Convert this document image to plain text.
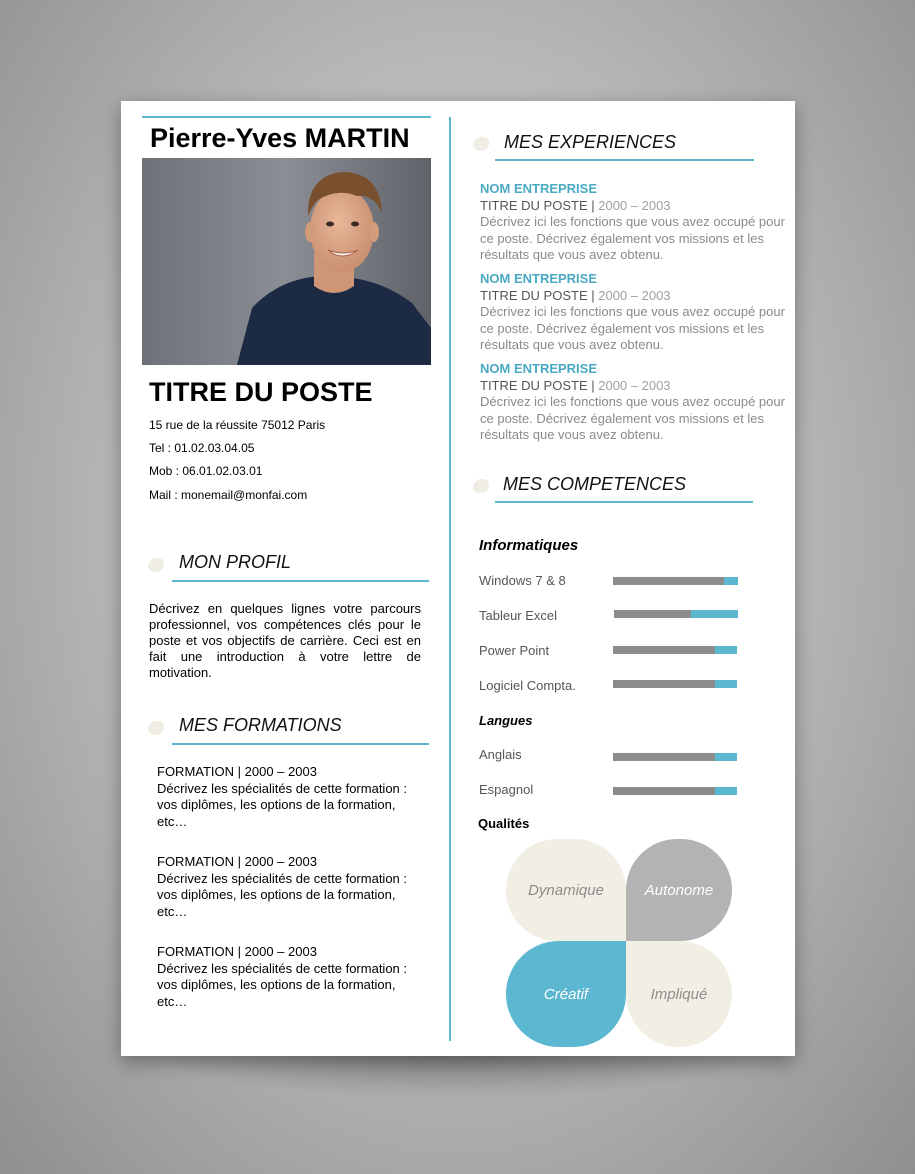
Pierre-Yves MARTIN
TITRE DU POSTE
15 rue de la réussite 75012 Paris
Tel : 01.02.03.04.05
Mob : 06.01.02.03.01
Mail : monemail@monfai.com
MON PROFIL
Décrivez en quelques lignes votre parcours professionnel, vos compétences clés pour le poste et vos objectifs de carrière. Ceci est en fait une introduction à votre lettre de motivation.
MES FORMATIONS
FORMATION | 2000 – 2003
Décrivez les spécialités de cette formation : vos diplômes, les options de la formation, etc…
FORMATION | 2000 – 2003
Décrivez les spécialités de cette formation : vos diplômes, les options de la formation, etc…
FORMATION | 2000 – 2003
Décrivez les spécialités de cette formation : vos diplômes, les options de la formation, etc…
MES EXPERIENCES
NOM ENTREPRISE
TITRE DU POSTE | 2000 – 2003
Décrivez ici les fonctions que vous avez occupé pour ce poste. Décrivez également vos missions et les résultats que vous avez obtenu.
NOM ENTREPRISE
TITRE DU POSTE | 2000 – 2003
Décrivez ici les fonctions que vous avez occupé pour ce poste. Décrivez également vos missions et les résultats que vous avez obtenu.
NOM ENTREPRISE
TITRE DU POSTE | 2000 – 2003
Décrivez ici les fonctions que vous avez occupé pour ce poste. Décrivez également vos missions et les résultats que vous avez obtenu.
MES COMPETENCES
Informatiques
Windows 7 & 8
Tableur Excel
Power Point
Logiciel Compta.
Langues
Anglais
Espagnol
Qualités
Dynamique	Autonome
Créatif	Impliqué
